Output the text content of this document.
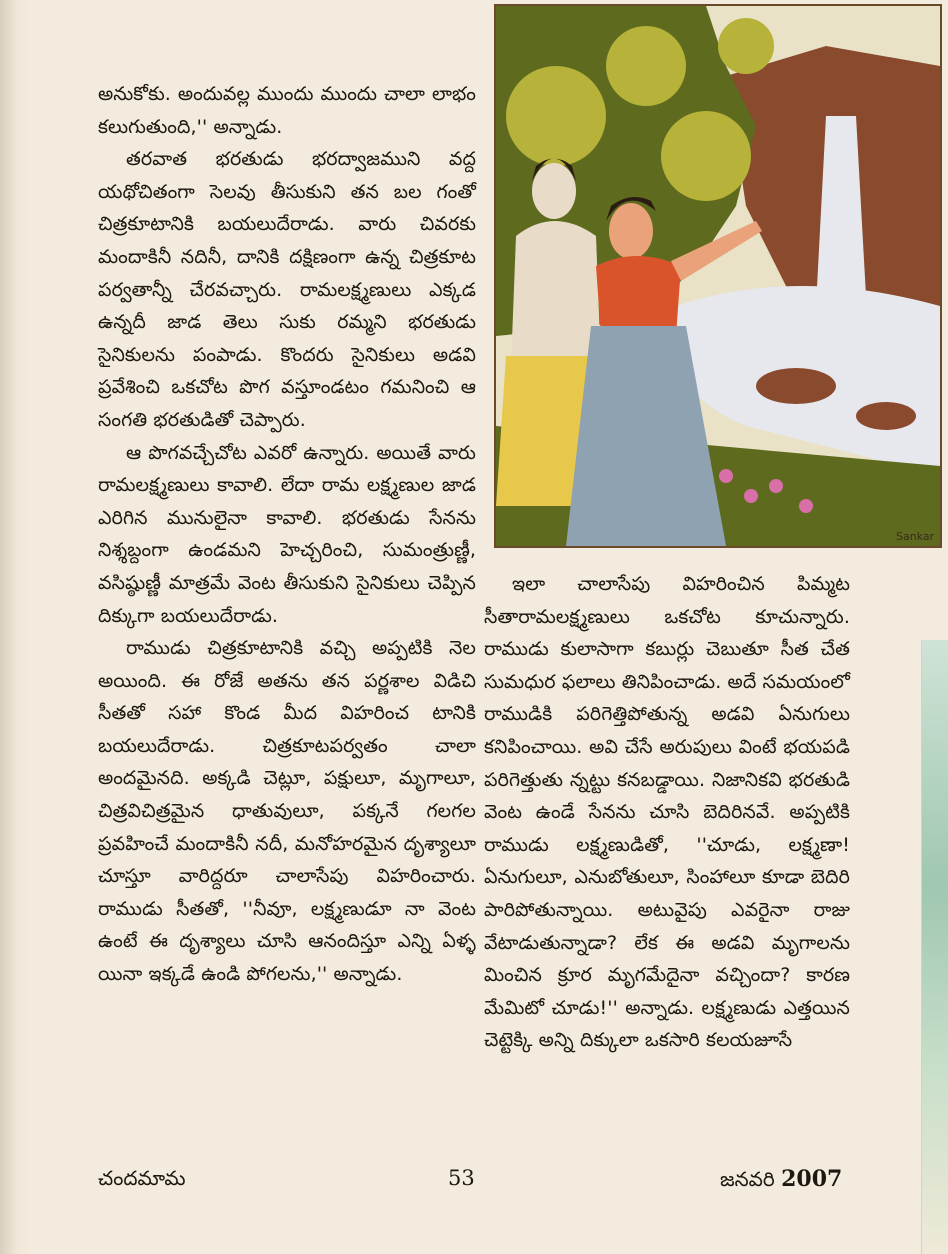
Sankar

అనుకోకు. అందువల్ల ముందు ముందు చాలా లాభం కలుగుతుంది,'' అన్నాడు.

తరవాత భరతుడు భరద్వాజముని వద్ద యథోచితంగా సెలవు తీసుకుని తన బల గంతో చిత్రకూటానికి బయలుదేరాడు. వారు చివరకు మందాకినీ నదినీ, దానికి దక్షిణంగా ఉన్న చిత్రకూట పర్వతాన్నీ చేరవచ్చారు. రామలక్ష్మణులు ఎక్కడ ఉన్నదీ జాడ తెలు సుకు రమ్మని భరతుడు సైనికులను పంపాడు. కొందరు సైనికులు అడవి ప్రవేశించి ఒకచోట పొగ వస్తూండటం గమనించి ఆ సంగతి భరతుడితో చెప్పారు.

ఆ పొగవచ్చేచోట ఎవరో ఉన్నారు. అయితే వారు రామలక్ష్మణులు కావాలి. లేదా రామ లక్ష్మణుల జాడ ఎరిగిన మునులైనా కావాలి. భరతుడు సేనను నిశ్శబ్దంగా ఉండమని హెచ్చరించి, సుమంత్రుణ్ణీ, వసిష్ఠుణ్ణీ మాత్రమే వెంట తీసుకుని సైనికులు చెప్పిన దిక్కుగా బయలుదేరాడు.

రాముడు చిత్రకూటానికి వచ్చి అప్పటికి నెల అయింది. ఈ రోజే అతను తన పర్ణశాల విడిచి సీతతో సహా కొండ మీద విహరించ టానికి బయలుదేరాడు. చిత్రకూటపర్వతం చాలా అందమైనది. అక్కడి చెట్లూ, పక్షులూ, మృగాలూ, చిత్రవిచిత్రమైన ధాతువులూ, పక్కనే గలగల ప్రవహించే మందాకినీ నదీ, మనోహరమైన దృశ్యాలూ చూస్తూ వారిద్దరూ చాలాసేపు విహరించారు. రాముడు సీతతో, ''నీవూ, లక్ష్మణుడూ నా వెంట ఉంటే ఈ దృశ్యాలు చూసి ఆనందిస్తూ ఎన్ని ఏళ్ళ యినా ఇక్కడే ఉండి పోగలను,'' అన్నాడు.

ఇలా చాలాసేపు విహరించిన పిమ్మట సీతారామలక్ష్మణులు ఒకచోట కూచున్నారు. రాముడు కులాసాగా కబుర్లు చెబుతూ సీత చేత సుమధుర ఫలాలు తినిపించాడు. అదే సమయంలో రాముడికి పరిగెత్తిపోతున్న అడవి ఏనుగులు కనిపించాయి. అవి చేసే అరుపులు వింటే భయపడి పరిగెత్తుతు న్నట్టు కనబడ్డాయి. నిజానికవి భరతుడి వెంట ఉండే సేనను చూసి బెదిరినవే. అప్పటికి రాముడు లక్ష్మణుడితో, ''చూడు, లక్ష్మణా! ఏనుగులూ, ఎనుబోతులూ, సింహాలూ కూడా బెదిరి పారిపోతున్నాయి. అటువైపు ఎవరైనా రాజు వేటాడుతున్నాడా? లేక ఈ అడవి మృగాలను మించిన క్రూర మృగమేదైనా వచ్చిందా? కారణ మేమిటో చూడు!'' అన్నాడు. లక్ష్మణుడు ఎత్తయిన చెట్టెక్కి అన్ని దిక్కులా ఒకసారి కలయజూసే

చందమామ	53	జనవరి 2007
